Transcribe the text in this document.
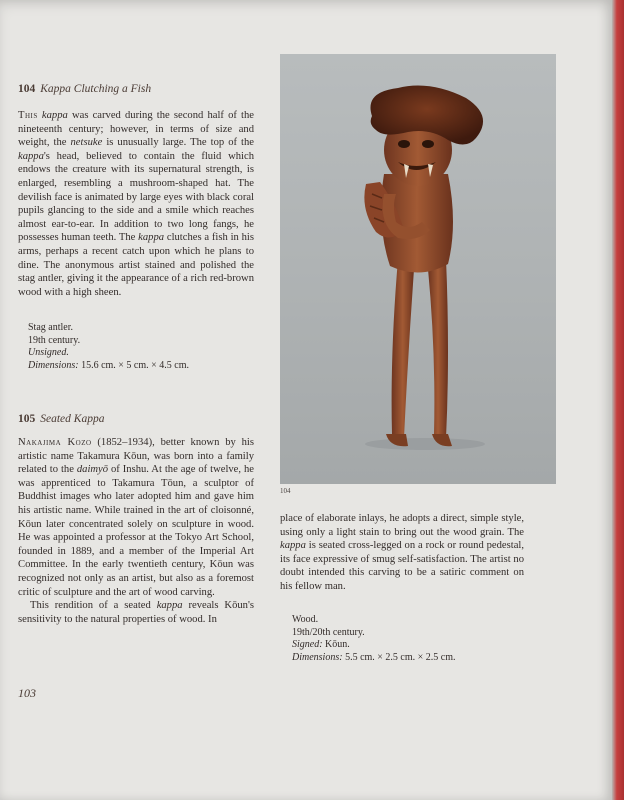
104 Kappa Clutching a Fish

This kappa was carved during the second half of the nineteenth century; however, in terms of size and weight, the netsuke is unusually large. The top of the kappa's head, believed to contain the fluid which endows the creature with its supernatural strength, is enlarged, resembling a mushroom-shaped hat. The devilish face is animated by large eyes with black coral pupils glancing to the side and a smile which reaches almost ear-to-ear. In addition to two long fangs, he possesses human teeth. The kappa clutches a fish in his arms, perhaps a recent catch upon which he plans to dine. The anonymous artist stained and polished the stag antler, giving it the appearance of a rich red-brown wood with a high sheen.

Stag antler.
19th century.
Unsigned.
Dimensions: 15.6 cm. × 5 cm. × 4.5 cm.
105 Seated Kappa

Nakajima Kozo (1852–1934), better known by his artistic name Takamura Kōun, was born into a family related to the daimyō of Inshu. At the age of twelve, he was apprenticed to Takamura Tōun, a sculptor of Buddhist images who later adopted him and gave him his artistic name. While trained in the art of cloisonné, Kōun later concentrated solely on sculpture in wood. He was appointed a professor at the Tokyo Art School, founded in 1889, and a member of the Imperial Art Committee. In the early twentieth century, Kōun was recognized not only as an artist, but also as a foremost critic of sculpture and the art of wood carving.

This rendition of a seated kappa reveals Kōun's sensitivity to the natural properties of wood. In

104

place of elaborate inlays, he adopts a direct, simple style, using only a light stain to bring out the wood grain. The kappa is seated cross-legged on a rock or round pedestal, its face expressive of smug self-satisfaction. The artist no doubt intended this carving to be a satiric comment on his fellow man.

Wood.
19th/20th century.
Signed: Kōun.
Dimensions: 5.5 cm. × 2.5 cm. × 2.5 cm.
103
